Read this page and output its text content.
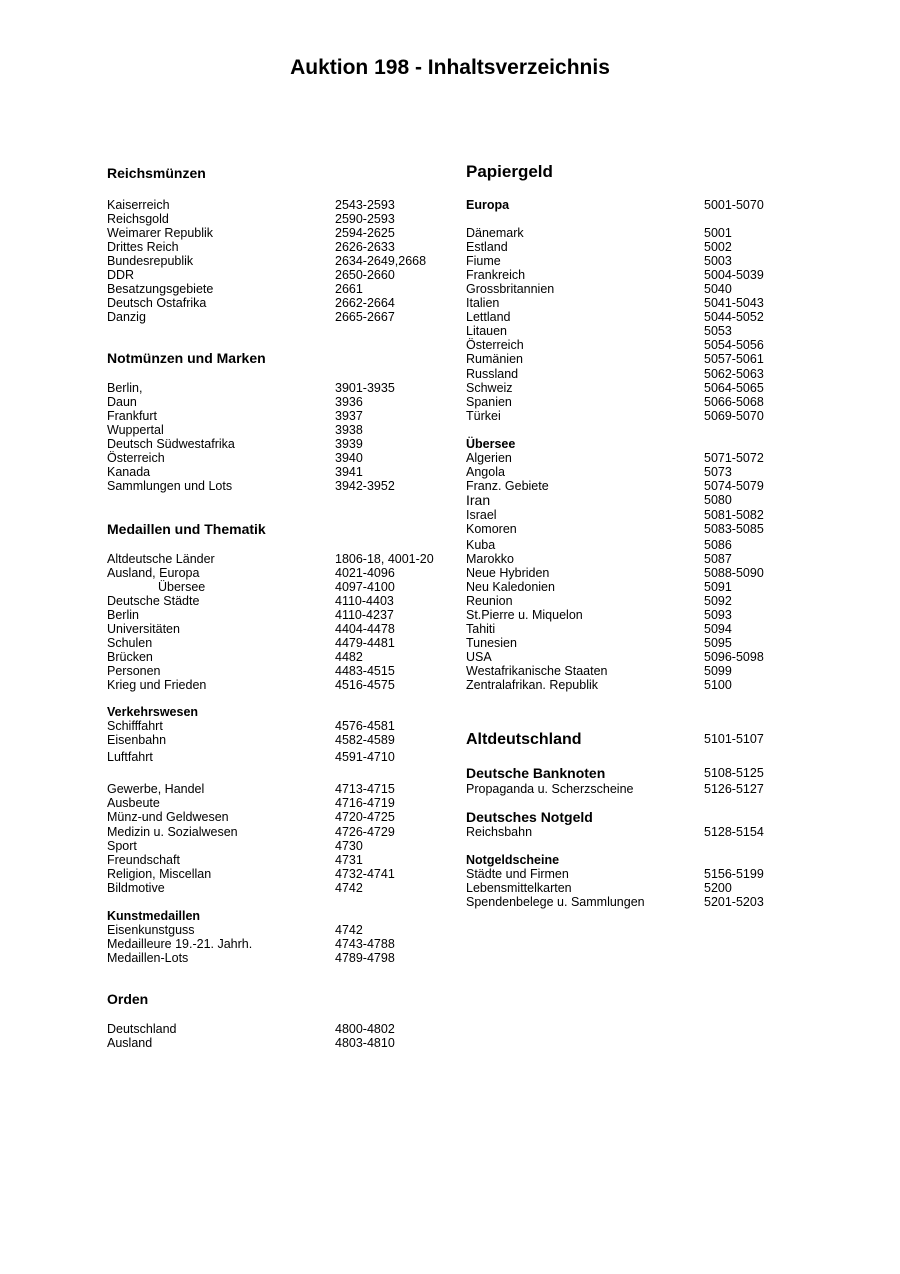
Auktion 198 - Inhaltsverzeichnis
Reichsmünzen
Kaiserreich	2543-2593
Reichsgold	2590-2593
Weimarer Republik	2594-2625
Drittes Reich	2626-2633
Bundesrepublik	2634-2649,2668
DDR	2650-2660
Besatzungsgebiete	2661
Deutsch Ostafrika	2662-2664
Danzig	2665-2667
Notmünzen und Marken
Berlin,	3901-3935
Daun	3936
Frankfurt	3937
Wuppertal	3938
Deutsch Südwestafrika	3939
Österreich	3940
Kanada	3941
Sammlungen und Lots	3942-3952
Medaillen und Thematik
Altdeutsche Länder	1806-18, 4001-20
Ausland, Europa	4021-4096
Übersee	4097-4100
Deutsche Städte	4110-4403
Berlin	4110-4237
Universitäten	4404-4478
Schulen	4479-4481
Brücken	4482
Personen	4483-4515
Krieg und Frieden	4516-4575
Verkehrswesen
Schifffahrt	4576-4581
Eisenbahn	4582-4589
Luftfahrt	4591-4710
Gewerbe, Handel	4713-4715
Ausbeute	4716-4719
Münz-und Geldwesen	4720-4725
Medizin u. Sozialwesen	4726-4729
Sport	4730
Freundschaft	4731
Religion, Miscellan	4732-4741
Bildmotive	4742
Kunstmedaillen
Eisenkunstguss	4742
Medailleure 19.-21. Jahrh.	4743-4788
Medaillen-Lots	4789-4798
Orden
Deutschland	4800-4802
Ausland	4803-4810
Papiergeld
Europa	5001-5070
Dänemark	5001
Estland	5002
Fiume	5003
Frankreich	5004-5039
Grossbritannien	5040
Italien	5041-5043
Lettland	5044-5052
Litauen	5053
Österreich	5054-5056
Rumänien	5057-5061
Russland	5062-5063
Schweiz	5064-5065
Spanien	5066-5068
Türkei	5069-5070
Übersee
Algerien	5071-5072
Angola	5073
Franz. Gebiete	5074-5079
Iran	5080
Israel	5081-5082
Komoren	5083-5085
Kuba	5086
Marokko	5087
Neue Hybriden	5088-5090
Neu Kaledonien	5091
Reunion	5092
St.Pierre u. Miquelon	5093
Tahiti	5094
Tunesien	5095
USA	5096-5098
Westafrikanische Staaten	5099
Zentralafrikan. Republik	5100
Altdeutschland	5101-5107
Deutsche Banknoten	5108-5125
Propaganda u. Scherzscheine	5126-5127
Deutsches Notgeld
Reichsbahn	5128-5154
Notgeldscheine
Städte und Firmen	5156-5199
Lebensmittelkarten	5200
Spendenbelege u. Sammlungen	5201-5203
